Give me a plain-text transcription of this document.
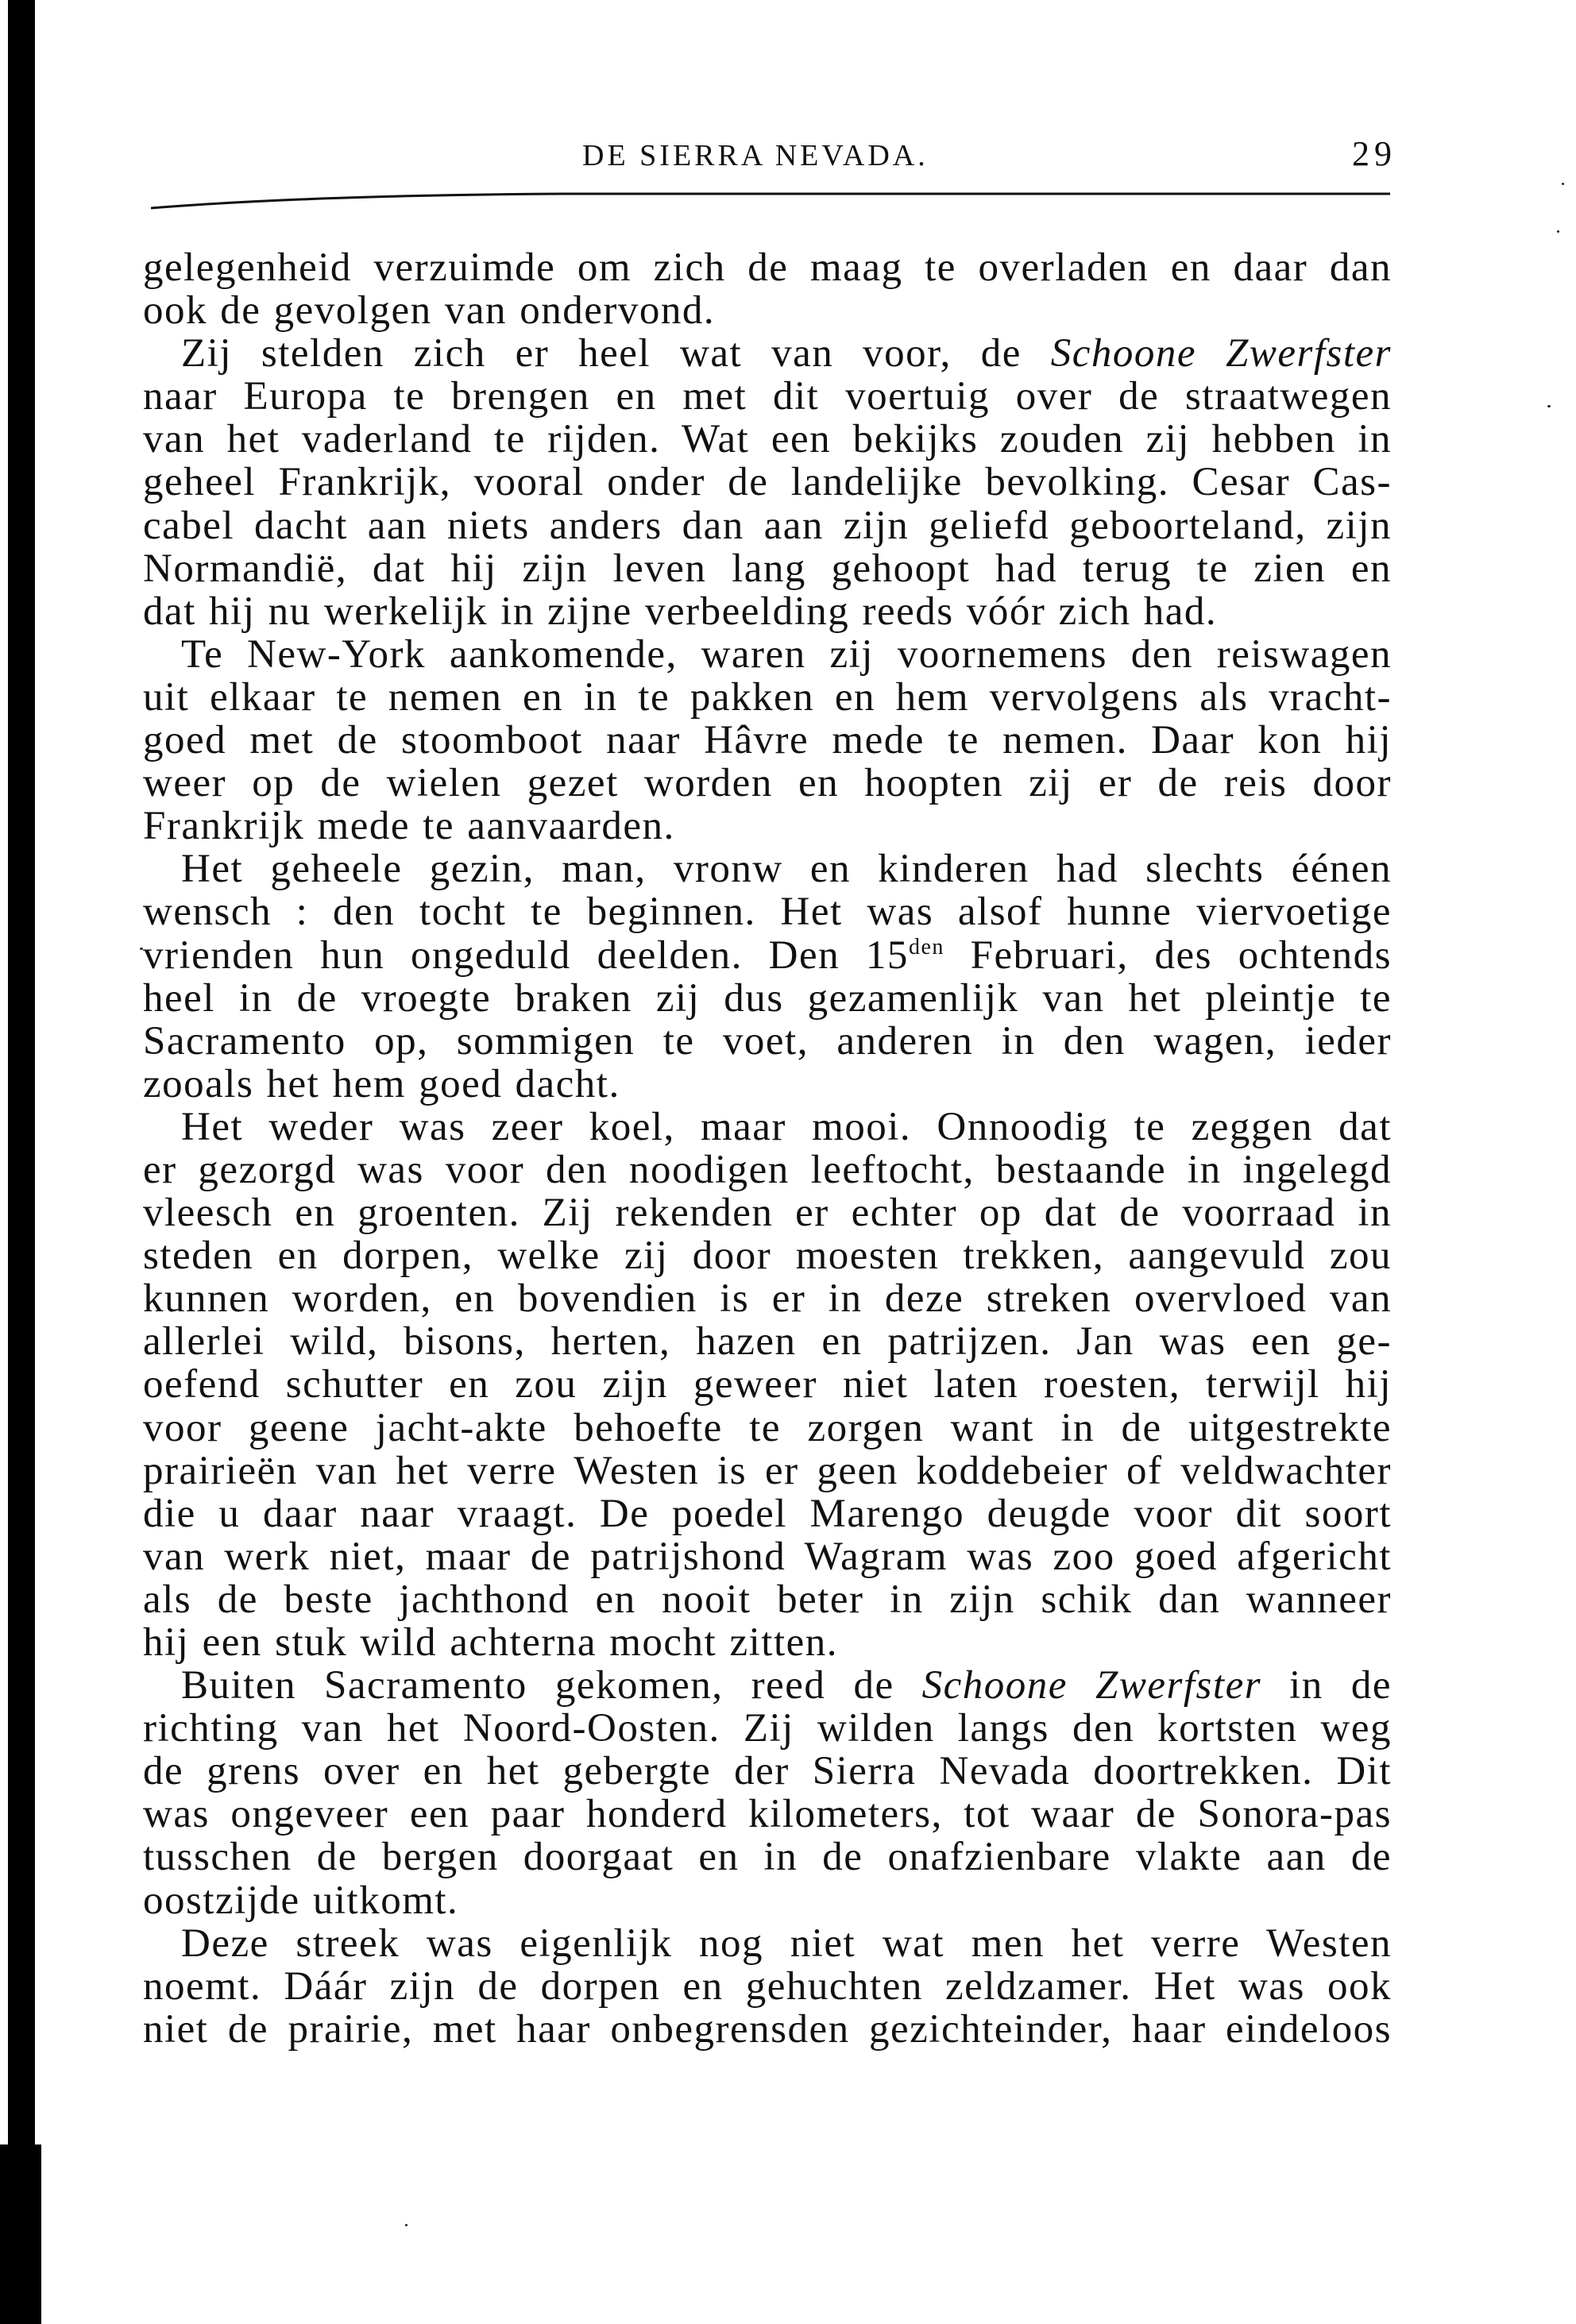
DE SIERRA NEVADA.	29
gelegenheid verzuimde om zich de maag te overladen en daar dan
ook de gevolgen van ondervond.
Zij stelden zich er heel wat van voor, de Schoone Zwerfster
naar Europa te brengen en met dit voertuig over de straatwegen
van het vaderland te rijden. Wat een bekijks zouden zij hebben in
geheel Frankrijk, vooral onder de landelijke bevolking. Cesar Cas-
cabel dacht aan niets anders dan aan zijn geliefd geboorteland, zijn
Normandië, dat hij zijn leven lang gehoopt had terug te zien en
dat hij nu werkelijk in zijne verbeelding reeds vóór zich had.
Te New-York aankomende, waren zij voornemens den reiswagen
uit elkaar te nemen en in te pakken en hem vervolgens als vracht-
goed met de stoomboot naar Hâvre mede te nemen. Daar kon hij
weer op de wielen gezet worden en hoopten zij er de reis door
Frankrijk mede te aanvaarden.
Het geheele gezin, man, vronw en kinderen had slechts éénen
wensch : den tocht te beginnen. Het was alsof hunne viervoetige
vrienden hun ongeduld deelden. Den $15^{den}$ Februari, des ochtends
heel in de vroegte braken zij dus gezamenlijk van het pleintje te
Sacramento op, sommigen te voet, anderen in den wagen, ieder
zooals het hem goed dacht.
Het weder was zeer koel, maar mooi. Onnoodig te zeggen dat
er gezorgd was voor den noodigen leeftocht, bestaande in ingelegd
vleesch en groenten. Zij rekenden er echter op dat de voorraad in
steden en dorpen, welke zij door moesten trekken, aangevuld zou
kunnen worden, en bovendien is er in deze streken overvloed van
allerlei wild, bisons, herten, hazen en patrijzen. Jan was een ge-
oefend schutter en zou zijn geweer niet laten roesten, terwijl hij
voor geene jacht-akte behoefte te zorgen want in de uitgestrekte
prairieën van het verre Westen is er geen koddebeier of veldwachter
die u daar naar vraagt. De poedel Marengo deugde voor dit soort
van werk niet, maar de patrijshond Wagram was zoo goed afgericht
als de beste jachthond en nooit beter in zijn schik dan wanneer
hij een stuk wild achterna mocht zitten.
Buiten Sacramento gekomen, reed de Schoone Zwerfster in de
richting van het Noord-Oosten. Zij wilden langs den kortsten weg
de grens over en het gebergte der Sierra Nevada doortrekken. Dit
was ongeveer een paar honderd kilometers, tot waar de Sonora-pas
tusschen de bergen doorgaat en in de onafzienbare vlakte aan de
oostzijde uitkomt.
Deze streek was eigenlijk nog niet wat men het verre Westen
noemt. Dáár zijn de dorpen en gehuchten zeldzamer. Het was ook
niet de prairie, met haar onbegrensden gezichteinder, haar eindeloos
